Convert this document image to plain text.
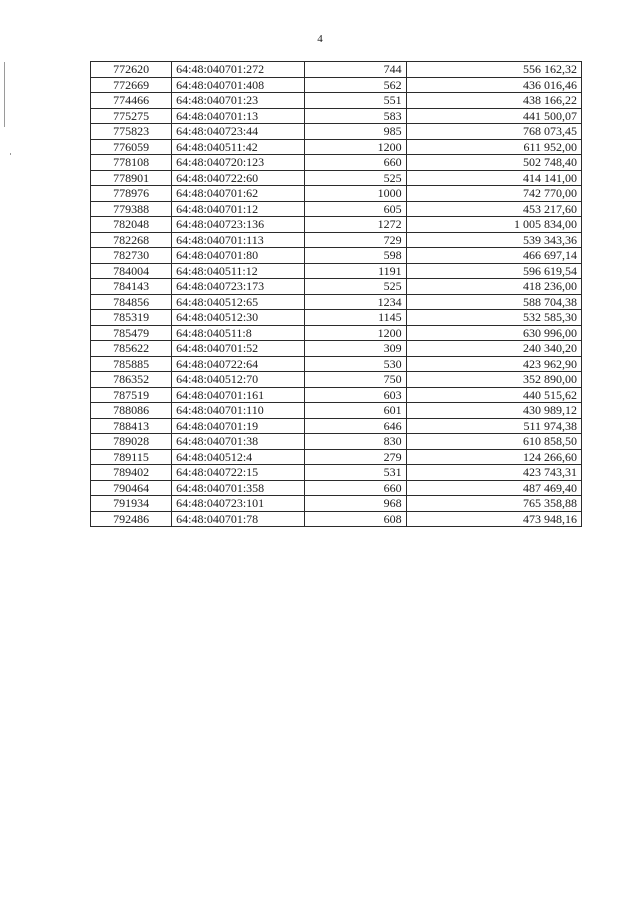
4
772620	64:48:040701:272	744	556 162,32
772669	64:48:040701:408	562	436 016,46
774466	64:48:040701:23	551	438 166,22
775275	64:48:040701:13	583	441 500,07
775823	64:48:040723:44	985	768 073,45
776059	64:48:040511:42	1200	611 952,00
778108	64:48:040720:123	660	502 748,40
778901	64:48:040722:60	525	414 141,00
778976	64:48:040701:62	1000	742 770,00
779388	64:48:040701:12	605	453 217,60
782048	64:48:040723:136	1272	1 005 834,00
782268	64:48:040701:113	729	539 343,36
782730	64:48:040701:80	598	466 697,14
784004	64:48:040511:12	1191	596 619,54
784143	64:48:040723:173	525	418 236,00
784856	64:48:040512:65	1234	588 704,38
785319	64:48:040512:30	1145	532 585,30
785479	64:48:040511:8	1200	630 996,00
785622	64:48:040701:52	309	240 340,20
785885	64:48:040722:64	530	423 962,90
786352	64:48:040512:70	750	352 890,00
787519	64:48:040701:161	603	440 515,62
788086	64:48:040701:110	601	430 989,12
788413	64:48:040701:19	646	511 974,38
789028	64:48:040701:38	830	610 858,50
789115	64:48:040512:4	279	124 266,60
789402	64:48:040722:15	531	423 743,31
790464	64:48:040701:358	660	487 469,40
791934	64:48:040723:101	968	765 358,88
792486	64:48:040701:78	608	473 948,16
